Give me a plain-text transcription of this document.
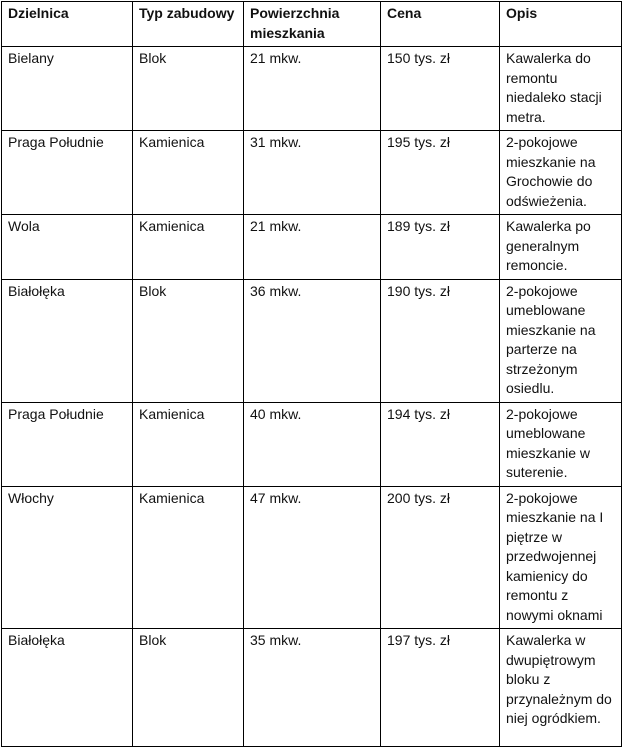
Dzielnica	Typ zabudowy	Powierzchnia mieszkania	Cena	Opis
Bielany	Blok	21 mkw.	150 tys. zł	Kawalerka do remontu niedaleko stacji metra.
Praga Południe	Kamienica	31 mkw.	195 tys. zł	2-pokojowe mieszkanie na Grochowie do odświeżenia.
Wola	Kamienica	21 mkw.	189 tys. zł	Kawalerka po generalnym remoncie.
Białołęka	Blok	36 mkw.	190 tys. zł	2-pokojowe umeblowane mieszkanie na parterze na strzeżonym osiedlu.
Praga Południe	Kamienica	40 mkw.	194 tys. zł	2-pokojowe umeblowane mieszkanie w suterenie.
Włochy	Kamienica	47 mkw.	200 tys. zł	2-pokojowe mieszkanie na I piętrze w przedwojennej kamienicy do remontu z nowymi oknami
Białołęka	Blok	35 mkw.	197 tys. zł	Kawalerka w dwupiętrowym bloku z przynależnym do niej ogródkiem.
